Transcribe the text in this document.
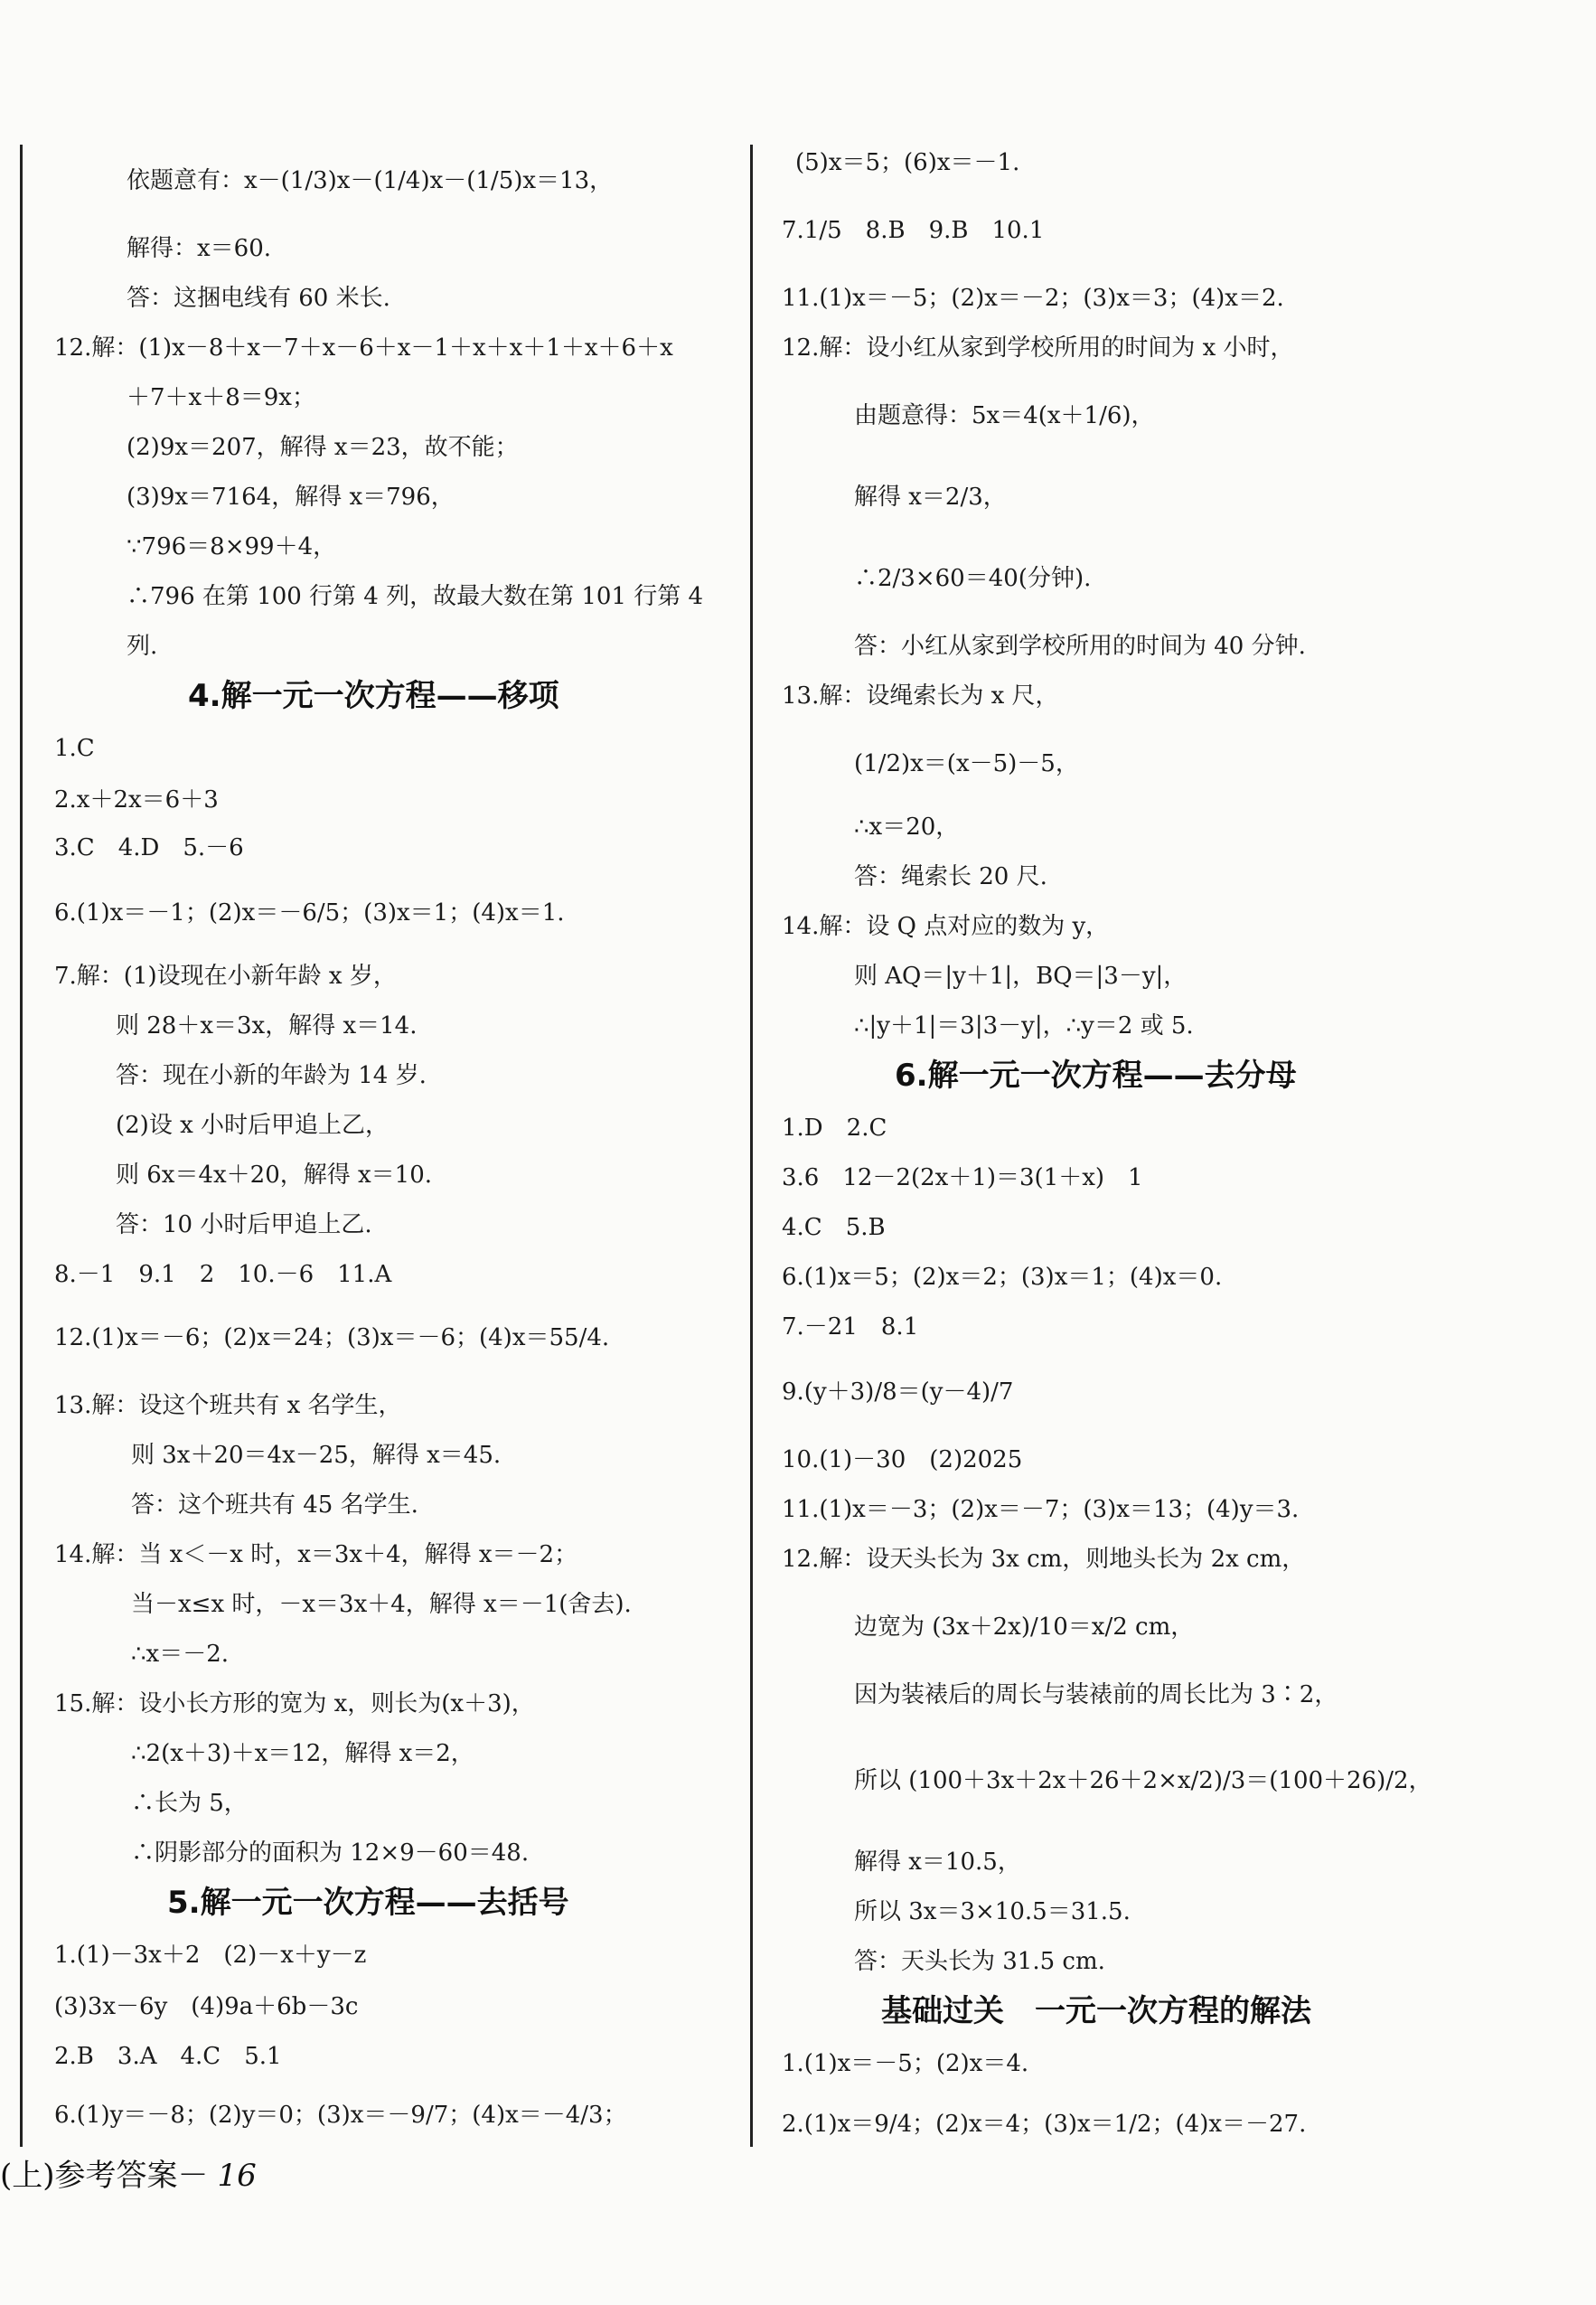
依题意有：x－(1/3)x－(1/4)x－(1/5)x＝13，
解得：x＝60.
答：这捆电线有 60 米长.
12.解：(1)x－8＋x－7＋x－6＋x－1＋x＋x＋1＋x＋6＋x
＋7＋x＋8＝9x；
(2)9x＝207，解得 x＝23，故不能；
(3)9x＝7164，解得 x＝796，
∵796＝8×99＋4，
∴796 在第 100 行第 4 列，故最大数在第 101 行第 4
列.
4.解一元一次方程——移项
1.C
2.x＋2x＝6＋3
3.C　4.D　5.－6
6.(1)x＝－1；(2)x＝－6/5；(3)x＝1；(4)x＝1.
7.解：(1)设现在小新年龄 x 岁，
则 28＋x＝3x，解得 x＝14.
答：现在小新的年龄为 14 岁.
(2)设 x 小时后甲追上乙，
则 6x＝4x＋20，解得 x＝10.
答：10 小时后甲追上乙.
8.－1　9.1　2　10.－6　11.A
12.(1)x＝－6；(2)x＝24；(3)x＝－6；(4)x＝55/4.
13.解：设这个班共有 x 名学生，
则 3x＋20＝4x－25，解得 x＝45.
答：这个班共有 45 名学生.
14.解：当 x＜－x 时，x＝3x＋4，解得 x＝－2；
当－x≤x 时，－x＝3x＋4，解得 x＝－1(舍去).
∴x＝－2.
15.解：设小长方形的宽为 x，则长为(x＋3)，
∴2(x＋3)＋x＝12，解得 x＝2，
∴长为 5，
∴阴影部分的面积为 12×9－60＝48.
5.解一元一次方程——去括号
1.(1)－3x＋2　(2)－x＋y－z
(3)3x－6y　(4)9a＋6b－3c
2.B　3.A　4.C　5.1
6.(1)y＝－8；(2)y＝0；(3)x＝－9/7；(4)x＝－4/3；
(5)x＝5；(6)x＝－1.
7.1/5　8.B　9.B　10.1
11.(1)x＝－5；(2)x＝－2；(3)x＝3；(4)x＝2.
12.解：设小红从家到学校所用的时间为 x 小时，
由题意得：5x＝4(x＋1/6)，
解得 x＝2/3，
∴2/3×60＝40(分钟).
答：小红从家到学校所用的时间为 40 分钟.
13.解：设绳索长为 x 尺，
(1/2)x＝(x－5)－5，
∴x＝20，
答：绳索长 20 尺.
14.解：设 Q 点对应的数为 y，
则 AQ＝|y＋1|，BQ＝|3－y|，
∴|y＋1|＝3|3－y|，∴y＝2 或 5.
6.解一元一次方程——去分母
1.D　2.C
3.6　12－2(2x＋1)＝3(1＋x)　1
4.C　5.B
6.(1)x＝5；(2)x＝2；(3)x＝1；(4)x＝0.
7.－21　8.1
9.(y＋3)/8＝(y－4)/7
10.(1)－30　(2)2025
11.(1)x＝－3；(2)x＝－7；(3)x＝13；(4)y＝3.
12.解：设天头长为 3x cm，则地头长为 2x cm，
边宽为 (3x＋2x)/10＝x/2 cm，
因为装裱后的周长与装裱前的周长比为 3∶2，
所以 (100＋3x＋2x＋26＋2×x/2)/3＝(100＋26)/2，
解得 x＝10.5，
所以 3x＝3×10.5＝31.5.
答：天头长为 31.5 cm.
基础过关　一元一次方程的解法
1.(1)x＝－5；(2)x＝4.
2.(1)x＝9/4；(2)x＝4；(3)x＝1/2；(4)x＝－27.
(上)参考答案－ 16
